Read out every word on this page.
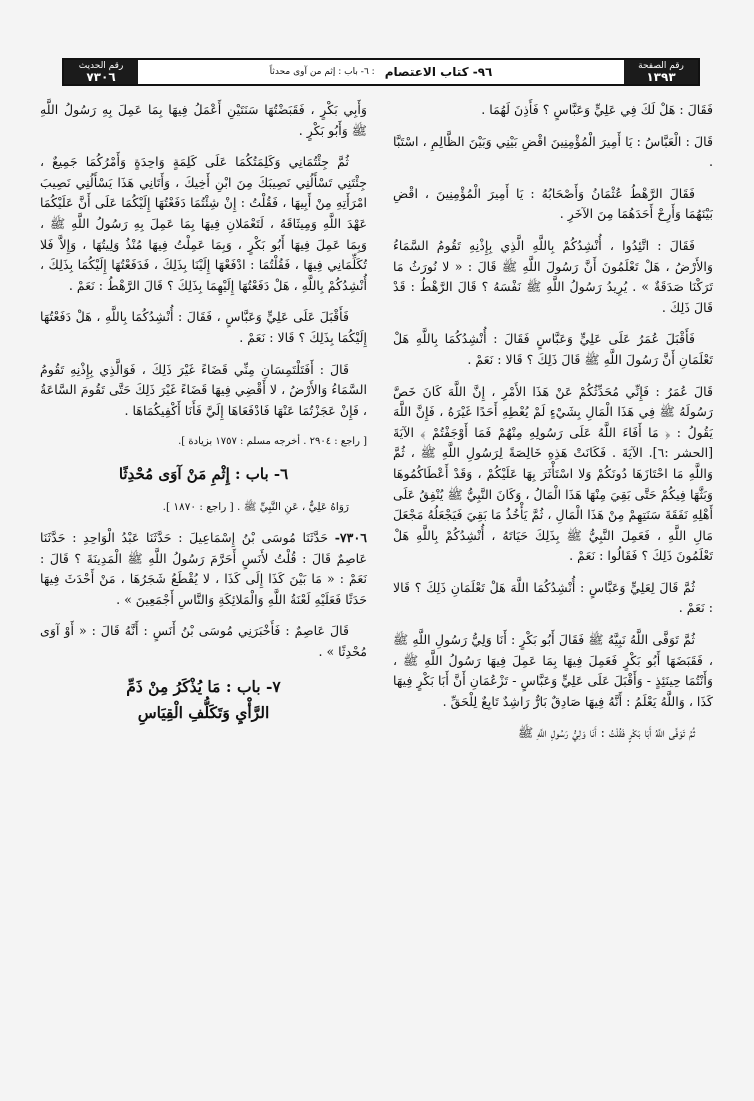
رقم الصفحة
١٣٩٣
٩٦- كتاب الاعتصام
: ٦- باب : إثم من آوى محدثاً
رقم الحديث
٧٣٠٦

فَقَالَ : هَلْ لَكَ فِي عَلِيٍّ وَعَبَّاسٍ ؟ فَأَذِنَ لَهُمَا .

قَالَ : الْعَبَّاسُ : يَا أَمِيرَ الْمُؤْمِنِينَ اقْضِ بَيْنِي وَبَيْنَ الظَّالِمِ ، اسْتَبَّا .

فَقَالَ الرَّهْطُ عُثْمَانُ وَأَصْحَابُهُ : يَا أَمِيرَ الْمُؤْمِنِينَ ، اقْضِ بَيْنَهُمَا وَأَرِحْ أَحَدَهُمَا مِنَ الآخَرِ .

فَقَالَ : اتَّئِدُوا ، أُنْشِدُكُمْ بِاللَّهِ الَّذِي بِإِذْنِهِ تَقُومُ السَّمَاءُ وَالأَرْضُ ، هَلْ تَعْلَمُونَ أَنَّ رَسُولَ اللَّهِ ﷺ قَالَ : « لا نُورَثُ مَا تَرَكْنَا صَدَقَةٌ » . يُرِيدُ رَسُولُ اللَّهِ ﷺ نَفْسَهُ ؟ قَالَ الرَّهْطُ : قَدْ قَالَ ذَلِكَ .

فَأَقْبَلَ عُمَرُ عَلَى عَلِيٍّ وَعَبَّاسٍ فَقَالَ : أُنْشِدُكُمَا بِاللَّهِ هَلْ تَعْلَمَانِ أَنَّ رَسُولَ اللَّهِ ﷺ قَالَ ذَلِكَ ؟ قَالا : نَعَمْ .

قَالَ عُمَرُ : فَإِنِّي مُحَدِّثُكُمْ عَنْ هَذَا الأَمْرِ ، إِنَّ اللَّهَ كَانَ خَصَّ رَسُولَهُ ﷺ فِي هَذَا الْمَالِ بِشَيْءٍ لَمْ يُعْطِهِ أَحَدًا غَيْرَهُ ، فَإِنَّ اللَّهَ يَقُولُ : ﴿ مَا أَفَاءَ اللَّهُ عَلَى رَسُولِهِ مِنْهُمْ فَمَا أَوْجَفْتُمْ ﴾ الآيَةَ [الحشر :٦]. الآيَةَ . فَكَانَتْ هَذِهِ خَالِصَةً لِرَسُولِ اللَّهِ ﷺ ، ثُمَّ وَاللَّهِ مَا احْتَازَهَا دُونَكُمْ وَلا اسْتَأْثَرَ بِهَا عَلَيْكُمْ ، وَقَدْ أَعْطَاكُمُوهَا وَبَثَّهَا فِيكُمْ حَتَّى بَقِيَ مِنْهَا هَذَا الْمَالُ ، وَكَانَ النَّبِيُّ ﷺ يُنْفِقُ عَلَى أَهْلِهِ نَفَقَةَ سَنَتِهِمْ مِنْ هَذَا الْمَالِ ، ثُمَّ يَأْخُذُ مَا بَقِيَ فَيَجْعَلُهُ مَجْعَلَ مَالِ اللَّهِ ، فَعَمِلَ النَّبِيُّ ﷺ بِذَلِكَ حَيَاتَهُ ، أُنْشِدُكُمْ بِاللَّهِ هَلْ تَعْلَمُونَ ذَلِكَ ؟ فَقَالُوا : نَعَمْ .

ثُمَّ قَالَ لِعَلِيٍّ وَعَبَّاسٍ : أُنْشِدُكُمَا اللَّهَ هَلْ تَعْلَمَانِ ذَلِكَ ؟ قَالا : نَعَمْ .

ثُمَّ تَوَفَّى اللَّهُ نَبِيَّهُ ﷺ فَقَالَ أَبُو بَكْرٍ : أَنَا وَلِيُّ رَسُولِ اللَّهِ ﷺ ، فَقَبَضَهَا أَبُو بَكْرٍ فَعَمِلَ فِيهَا بِمَا عَمِلَ فِيهَا رَسُولُ اللَّهِ ﷺ ، وَأَنْتُمَا حِينَئِذٍ - وَأَقْبَلَ عَلَى عَلِيٍّ وَعَبَّاسٍ - تَزْعُمَانِ أَنَّ أَبَا بَكْرٍ فِيهَا كَذَا ، وَاللَّهُ يَعْلَمُ : أَنَّهُ فِيهَا صَادِقٌ بَارٌّ رَاشِدٌ تَابِعٌ لِلْحَقِّ .

ثُمَّ تَوَفَّى اللَّهُ أَبَا بَكْرٍ فَقُلْتُ : أَنَا وَلِيُّ رَسُولِ اللَّهِ ﷺ

وَأَبِي بَكْرٍ ، فَقَبَضْتُهَا سَنَتَيْنِ أَعْمَلُ فِيهَا بِمَا عَمِلَ بِهِ رَسُولُ اللَّهِ ﷺ وَأَبُو بَكْرٍ .

ثُمَّ جِئْتُمَانِي وَكَلِمَتُكُمَا عَلَى كَلِمَةٍ وَاحِدَةٍ وَأَمْرُكُمَا جَمِيعٌ ، جِئْتَنِي تَسْأَلُنِي نَصِيبَكَ مِنَ ابْنِ أَخِيكَ ، وَأَتَانِي هَذَا يَسْأَلُنِي نَصِيبَ امْرَأَتِهِ مِنْ أَبِيهَا ، فَقُلْتُ : إِنْ شِئْتُمَا دَفَعْتُهَا إِلَيْكُمَا عَلَى أَنَّ عَلَيْكُمَا عَهْدَ اللَّهِ وَمِيثَاقَهُ ، لَتَعْمَلانِ فِيهَا بِمَا عَمِلَ بِهِ رَسُولُ اللَّهِ ﷺ ، وَبِمَا عَمِلَ فِيهَا أَبُو بَكْرٍ ، وَبِمَا عَمِلْتُ فِيهَا مُنْذُ وَلِيتُهَا ، وَإِلاَّ فَلا تُكَلِّمَانِي فِيهَا ، فَقُلْتُمَا : ادْفَعْهَا إِلَيْنَا بِذَلِكَ ، فَدَفَعْتُهَا إِلَيْكُمَا بِذَلِكَ ، أُنْشِدُكُمْ بِاللَّهِ ، هَلْ دَفَعْتُهَا إِلَيْهِمَا بِذَلِكَ ؟ قَالَ الرَّهْطُ : نَعَمْ .

فَأَقْبَلَ عَلَى عَلِيٍّ وَعَبَّاسٍ ، فَقَالَ : أُنْشِدُكُمَا بِاللَّهِ ، هَلْ دَفَعْتُهَا إِلَيْكُمَا بِذَلِكَ ؟ قَالا : نَعَمْ .

قَالَ : أَفَتَلْتَمِسَانِ مِنِّي قَضَاءً غَيْرَ ذَلِكَ ، فَوَالَّذِي بِإِذْنِهِ تَقُومُ السَّمَاءُ وَالأَرْضُ ، لا أَقْضِي فِيهَا قَضَاءً غَيْرَ ذَلِكَ حَتَّى تَقُومَ السَّاعَةُ ، فَإِنْ عَجَزْتُمَا عَنْهَا فَادْفَعَاهَا إِلَيَّ فَأَنَا أَكْفِيكُمَاهَا .

[ راجع : ٢٩٠٤ . أخرجه مسلم : ١٧٥٧ بزيادة ].

٦- باب : إِثْمِ مَنْ آوَى مُحْدِثًا

رَوَاهُ عَلِيٌّ ، عَنِ النَّبِيِّ ﷺ . [ راجع : ١٨٧٠ ].

٧٣٠٦- حَدَّثَنَا مُوسَى بْنُ إِسْمَاعِيلَ : حَدَّثَنَا عَبْدُ الْوَاحِدِ : حَدَّثَنَا عَاصِمٌ قَالَ : قُلْتُ لأَنَسٍ أَحَرَّمَ رَسُولُ اللَّهِ ﷺ الْمَدِينَةَ ؟ قَالَ : نَعَمْ : « مَا بَيْنَ كَذَا إِلَى كَذَا ، لا يُقْطَعُ شَجَرُهَا ، مَنْ أَحْدَثَ فِيهَا حَدَثًا فَعَلَيْهِ لَعْنَةُ اللَّهِ وَالْمَلائِكَةِ وَالنَّاسِ أَجْمَعِينَ » .

قَالَ عَاصِمٌ : فَأَخْبَرَنِي مُوسَى بْنُ أَنَسٍ : أَنَّهُ قَالَ : « أَوْ آوَى مُحْدِثًا » .

٧- باب : مَا يُذْكَرُ مِنْ ذَمِّ
الرَّأْيِ وَتَكَلُّفِ الْقِيَاسِ
